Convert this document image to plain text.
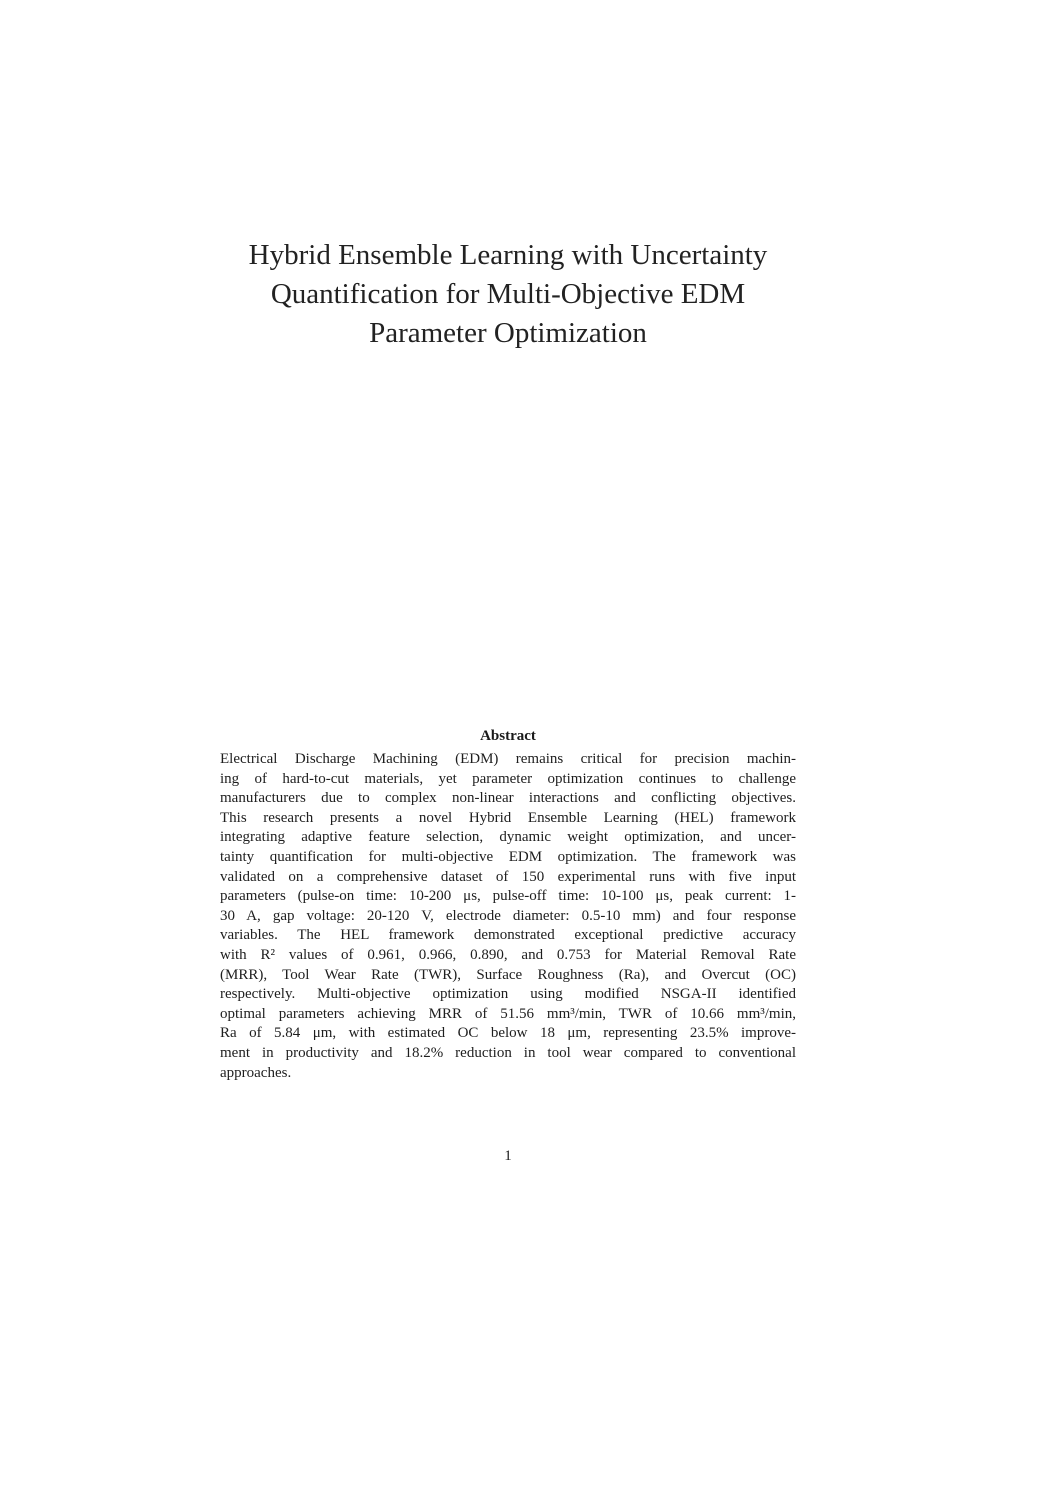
Hybrid Ensemble Learning with Uncertainty
Quantification for Multi-Objective EDM
Parameter Optimization
Abstract
Electrical Discharge Machining (EDM) remains critical for precision machin-
ing of hard-to-cut materials, yet parameter optimization continues to challenge
manufacturers due to complex non-linear interactions and conflicting objectives.
This research presents a novel Hybrid Ensemble Learning (HEL) framework
integrating adaptive feature selection, dynamic weight optimization, and uncer-
tainty quantification for multi-objective EDM optimization. The framework was
validated on a comprehensive dataset of 150 experimental runs with five input
parameters (pulse-on time: 10-200 μs, pulse-off time: 10-100 μs, peak current: 1-
30 A, gap voltage: 20-120 V, electrode diameter: 0.5-10 mm) and four response
variables. The HEL framework demonstrated exceptional predictive accuracy
with R² values of 0.961, 0.966, 0.890, and 0.753 for Material Removal Rate
(MRR), Tool Wear Rate (TWR), Surface Roughness (Ra), and Overcut (OC)
respectively. Multi-objective optimization using modified NSGA-II identified
optimal parameters achieving MRR of 51.56 mm³/min, TWR of 10.66 mm³/min,
Ra of 5.84 μm, with estimated OC below 18 μm, representing 23.5% improve-
ment in productivity and 18.2% reduction in tool wear compared to conventional
approaches.
1
